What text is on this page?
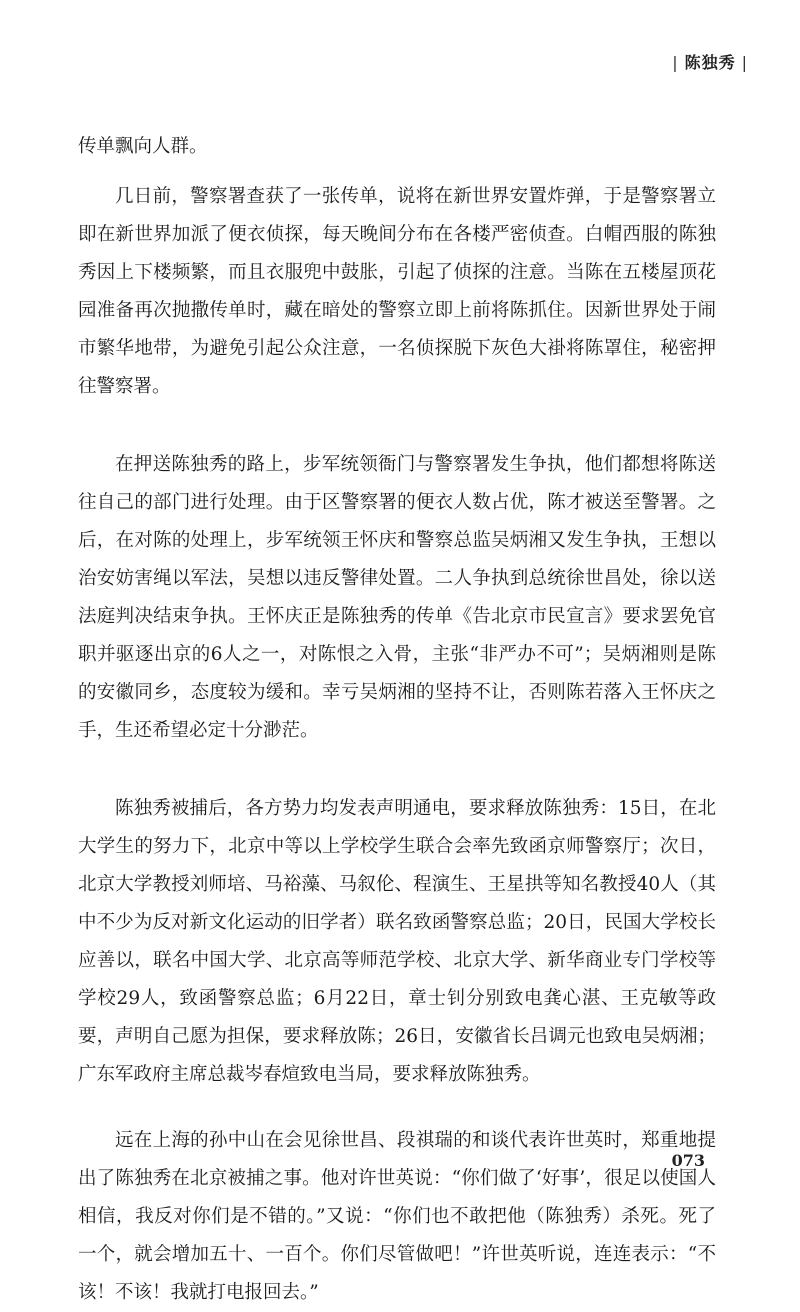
| 陈独秀 |

传单飘向人群。

几日前，警察署查获了一张传单，说将在新世界安置炸弹，于是警察署立即在新世界加派了便衣侦探，每天晚间分布在各楼严密侦查。白帽西服的陈独秀因上下楼频繁，而且衣服兜中鼓胀，引起了侦探的注意。当陈在五楼屋顶花园准备再次抛撒传单时，藏在暗处的警察立即上前将陈抓住。因新世界处于闹市繁华地带，为避免引起公众注意，一名侦探脱下灰色大褂将陈罩住，秘密押往警察署。

在押送陈独秀的路上，步军统领衙门与警察署发生争执，他们都想将陈送往自己的部门进行处理。由于区警察署的便衣人数占优，陈才被送至警署。之后，在对陈的处理上，步军统领王怀庆和警察总监吴炳湘又发生争执，王想以治安妨害绳以军法，吴想以违反警律处置。二人争执到总统徐世昌处，徐以送法庭判决结束争执。王怀庆正是陈独秀的传单《告北京市民宣言》要求罢免官职并驱逐出京的6人之一，对陈恨之入骨，主张“非严办不可”；吴炳湘则是陈的安徽同乡，态度较为缓和。幸亏吴炳湘的坚持不让，否则陈若落入王怀庆之手，生还希望必定十分渺茫。

陈独秀被捕后，各方势力均发表声明通电，要求释放陈独秀：15日，在北大学生的努力下，北京中等以上学校学生联合会率先致函京师警察厅；次日，北京大学教授刘师培、马裕藻、马叙伦、程演生、王星拱等知名教授40人（其中不少为反对新文化运动的旧学者）联名致函警察总监；20日，民国大学校长应善以，联名中国大学、北京高等师范学校、北京大学、新华商业专门学校等学校29人，致函警察总监；6月22日，章士钊分别致电龚心湛、王克敏等政要，声明自己愿为担保，要求释放陈；26日，安徽省长吕调元也致电吴炳湘；广东军政府主席总裁岑春煊致电当局，要求释放陈独秀。

远在上海的孙中山在会见徐世昌、段祺瑞的和谈代表许世英时，郑重地提出了陈独秀在北京被捕之事。他对许世英说：“你们做了‘好事’，很足以使国人相信，我反对你们是不错的。”又说：“你们也不敢把他（陈独秀）杀死。死了一个，就会增加五十、一百个。你们尽管做吧！”许世英听说，连连表示：“不该！不该！我就打电报回去。”

073
